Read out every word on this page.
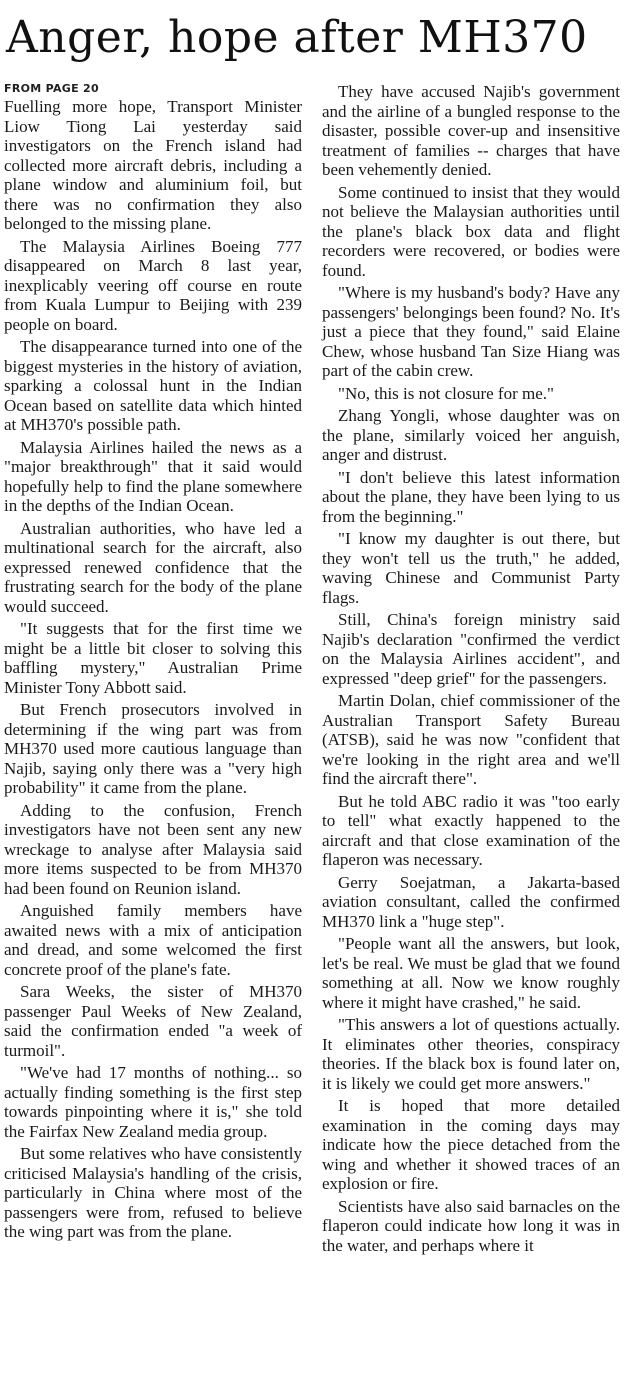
Anger, hope after MH370
FROM PAGE 20

Fuelling more hope, Transport Minister Liow Tiong Lai yesterday said investigators on the French island had collected more aircraft debris, including a plane window and aluminium foil, but there was no confirmation they also belonged to the missing plane.

The Malaysia Airlines Boeing 777 disappeared on March 8 last year, inexplicably veering off course en route from Kuala Lumpur to Beijing with 239 people on board.

The disappearance turned into one of the biggest mysteries in the history of aviation, sparking a colossal hunt in the Indian Ocean based on satellite data which hinted at MH370's possible path.

Malaysia Airlines hailed the news as a "major breakthrough" that it said would hopefully help to find the plane somewhere in the depths of the Indian Ocean.

Australian authorities, who have led a multinational search for the aircraft, also expressed renewed confidence that the frustrating search for the body of the plane would succeed.

"It suggests that for the first time we might be a little bit closer to solving this baffling mystery," Australian Prime Minister Tony Abbott said.

But French prosecutors involved in determining if the wing part was from MH370 used more cautious language than Najib, saying only there was a "very high probability" it came from the plane.

Adding to the confusion, French investigators have not been sent any new wreckage to analyse after Malaysia said more items suspected to be from MH370 had been found on Reunion island.

Anguished family members have awaited news with a mix of anticipation and dread, and some welcomed the first concrete proof of the plane's fate.

Sara Weeks, the sister of MH370 passenger Paul Weeks of New Zealand, said the confirmation ended "a week of turmoil".

"We've had 17 months of nothing... so actually finding something is the first step towards pinpointing where it is," she told the Fairfax New Zealand media group.

But some relatives who have consistently criticised Malaysia's handling of the crisis, particularly in China where most of the passengers were from, refused to believe the wing part was from the plane.

They have accused Najib's government and the airline of a bungled response to the disaster, possible cover-up and insensitive treatment of families -- charges that have been vehemently denied.

Some continued to insist that they would not believe the Malaysian authorities until the plane's black box data and flight recorders were recovered, or bodies were found.

"Where is my husband's body? Have any passengers' belongings been found? No. It's just a piece that they found," said Elaine Chew, whose husband Tan Size Hiang was part of the cabin crew.

"No, this is not closure for me."

Zhang Yongli, whose daughter was on the plane, similarly voiced her anguish, anger and distrust.

"I don't believe this latest information about the plane, they have been lying to us from the beginning."

"I know my daughter is out there, but they won't tell us the truth," he added, waving Chinese and Communist Party flags.

Still, China's foreign ministry said Najib's declaration "confirmed the verdict on the Malaysia Airlines accident", and expressed "deep grief" for the passengers.

Martin Dolan, chief commissioner of the Australian Transport Safety Bureau (ATSB), said he was now "confident that we're looking in the right area and we'll find the aircraft there".

But he told ABC radio it was "too early to tell" what exactly happened to the aircraft and that close examination of the flaperon was necessary.

Gerry Soejatman, a Jakarta-based aviation consultant, called the confirmed MH370 link a "huge step".

"People want all the answers, but look, let's be real. We must be glad that we found something at all. Now we know roughly where it might have crashed," he said.

"This answers a lot of questions actually. It eliminates other theories, conspiracy theories. If the black box is found later on, it is likely we could get more answers."

It is hoped that more detailed examination in the coming days may indicate how the piece detached from the wing and whether it showed traces of an explosion or fire.

Scientists have also said barnacles on the flaperon could indicate how long it was in the water, and perhaps where it
